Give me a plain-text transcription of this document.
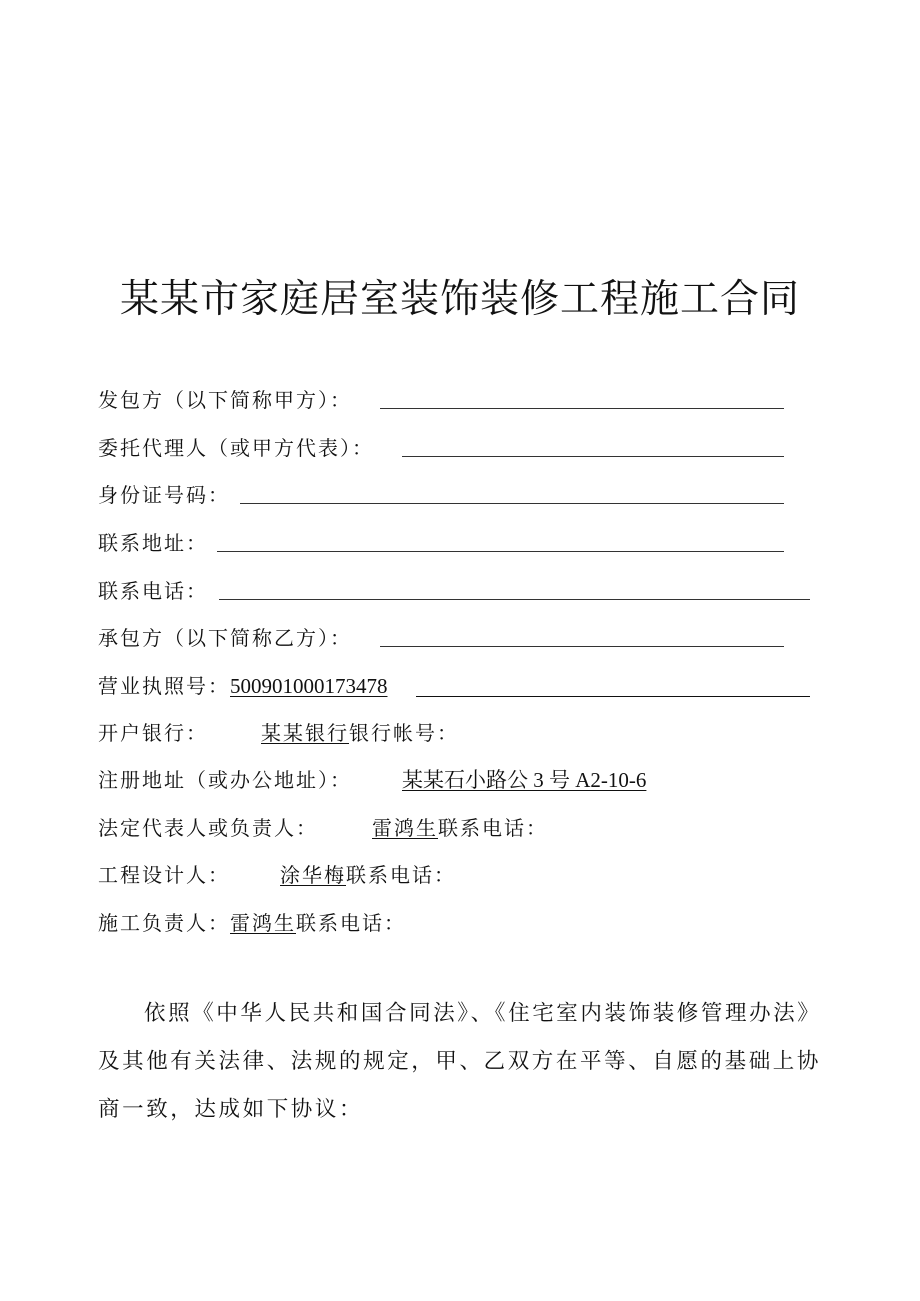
某某市家庭居室装饰装修工程施工合同
发包方（以下简称甲方）：
委托代理人（或甲方代表）：
身份证号码：
联系地址：
联系电话：
承包方（以下简称乙方）：
营业执照号：500901000173478
开户银行：	某某银行银行帐号：
注册地址（或办公地址）： 某某石小路公 3 号 A2-10-6
法定代表人或负责人：	雷鸿生联系电话：
工程设计人：	涂华梅联系电话：
施工负责人：雷鸿生联系电话：
依照《中华人民共和国合同法》、《住宅室内装饰装修管理办法》及其他有关法律、法规的规定，甲、乙双方在平等、自愿的基础上协商一致，达成如下协议：
